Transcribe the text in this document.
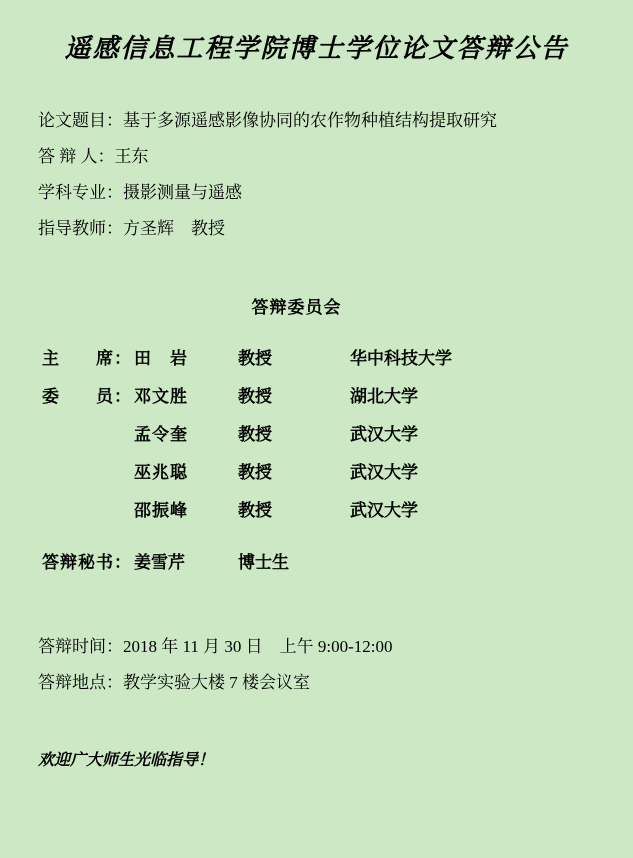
遥感信息工程学院博士学位论文答辩公告
论文题目：基于多源遥感影像协同的农作物种植结构提取研究
答 辩 人：王东
学科专业：摄影测量与遥感
指导教师：方圣辉　教授
答辩委员会
主　　席： 田　岩	教授	华中科技大学
委　　员： 邓文胜	教授	湖北大学
孟令奎	教授	武汉大学
巫兆聪	教授	武汉大学
邵振峰	教授	武汉大学
答辩秘书： 姜雪芹	博士生
答辩时间：2018 年 11 月 30 日　上午 9:00-12:00
答辩地点：教学实验大楼 7 楼会议室
欢迎广大师生光临指导！
